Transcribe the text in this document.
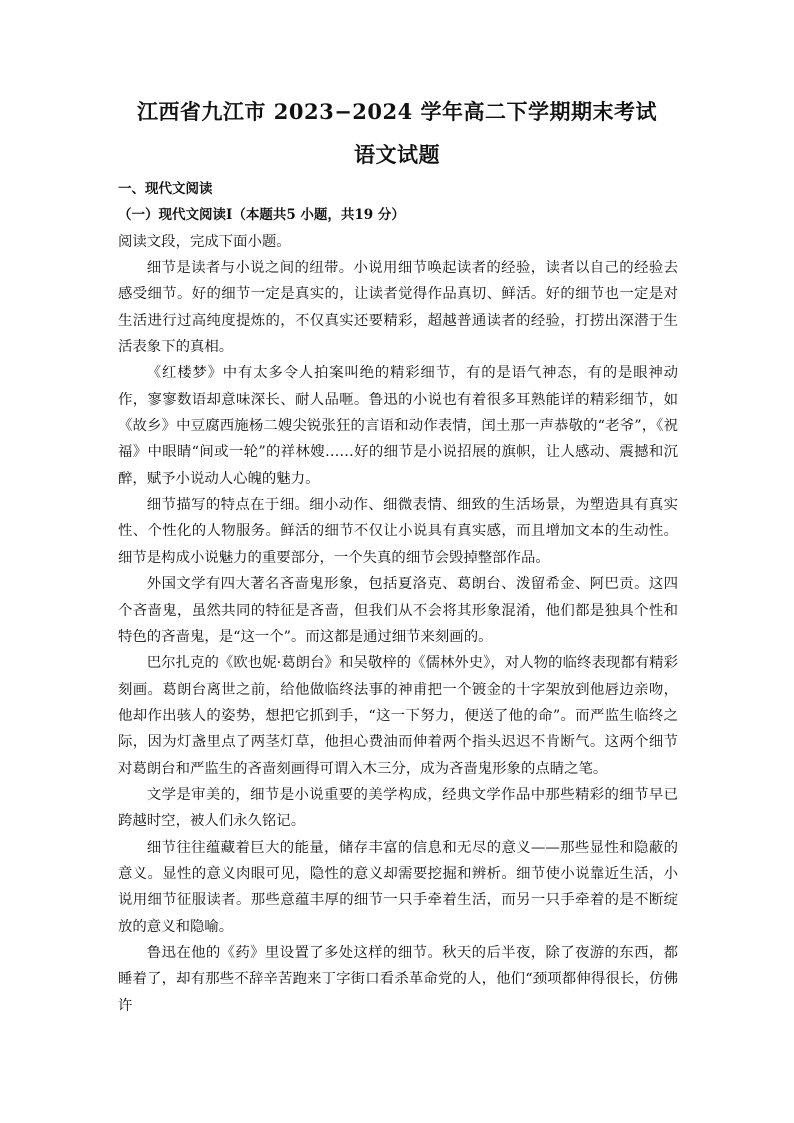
江西省九江市 2023−2024 学年高二下学期期末考试
语文试题

一、现代文阅读

（一）现代文阅读Ⅰ（本题共5 小题，共19 分）

阅读文段，完成下面小题。

细节是读者与小说之间的纽带。小说用细节唤起读者的经验，读者以自己的经验去感受细节。好的细节一定是真实的，让读者觉得作品真切、鲜活。好的细节也一定是对生活进行过高纯度提炼的，不仅真实还要精彩，超越普通读者的经验，打捞出深潜于生活表象下的真相。

《红楼梦》中有太多令人拍案叫绝的精彩细节，有的是语气神态，有的是眼神动作，寥寥数语却意味深长、耐人品咂。鲁迅的小说也有着很多耳熟能详的精彩细节，如《故乡》中豆腐西施杨二嫂尖锐张狂的言语和动作表情，闰土那一声恭敬的“老爷”，《祝福》中眼睛“间或一轮”的祥林嫂……好的细节是小说招展的旗帜，让人感动、震撼和沉醉，赋予小说动人心魄的魅力。

细节描写的特点在于细。细小动作、细微表情、细致的生活场景，为塑造具有真实性、个性化的人物服务。鲜活的细节不仅让小说具有真实感，而且增加文本的生动性。细节是构成小说魅力的重要部分，一个失真的细节会毁掉整部作品。

外国文学有四大著名吝啬鬼形象，包括夏洛克、葛朗台、泼留希金、阿巴贡。这四个吝啬鬼，虽然共同的特征是吝啬，但我们从不会将其形象混淆，他们都是独具个性和特色的吝啬鬼，是“这一个”。而这都是通过细节来刻画的。

巴尔扎克的《欧也妮·葛朗台》和吴敬梓的《儒林外史》，对人物的临终表现都有精彩刻画。葛朗台离世之前，给他做临终法事的神甫把一个镀金的十字架放到他唇边亲吻，他却作出骇人的姿势，想把它抓到手，“这一下努力，便送了他的命”。而严监生临终之际，因为灯盏里点了两茎灯草，他担心费油而伸着两个指头迟迟不肯断气。这两个细节对葛朗台和严监生的吝啬刻画得可谓入木三分，成为吝啬鬼形象的点睛之笔。

文学是审美的，细节是小说重要的美学构成，经典文学作品中那些精彩的细节早已跨越时空，被人们永久铭记。

细节往往蕴藏着巨大的能量，储存丰富的信息和无尽的意义——那些显性和隐蔽的意义。显性的意义肉眼可见，隐性的意义却需要挖掘和辨析。细节使小说靠近生活，小说用细节征服读者。那些意蕴丰厚的细节一只手牵着生活，而另一只手牵着的是不断绽放的意义和隐喻。

鲁迅在他的《药》里设置了多处这样的细节。秋天的后半夜，除了夜游的东西，都睡着了，却有那些不辞辛苦跑来丁字街口看杀革命党的人，他们“颈项都伸得很长，仿佛许
